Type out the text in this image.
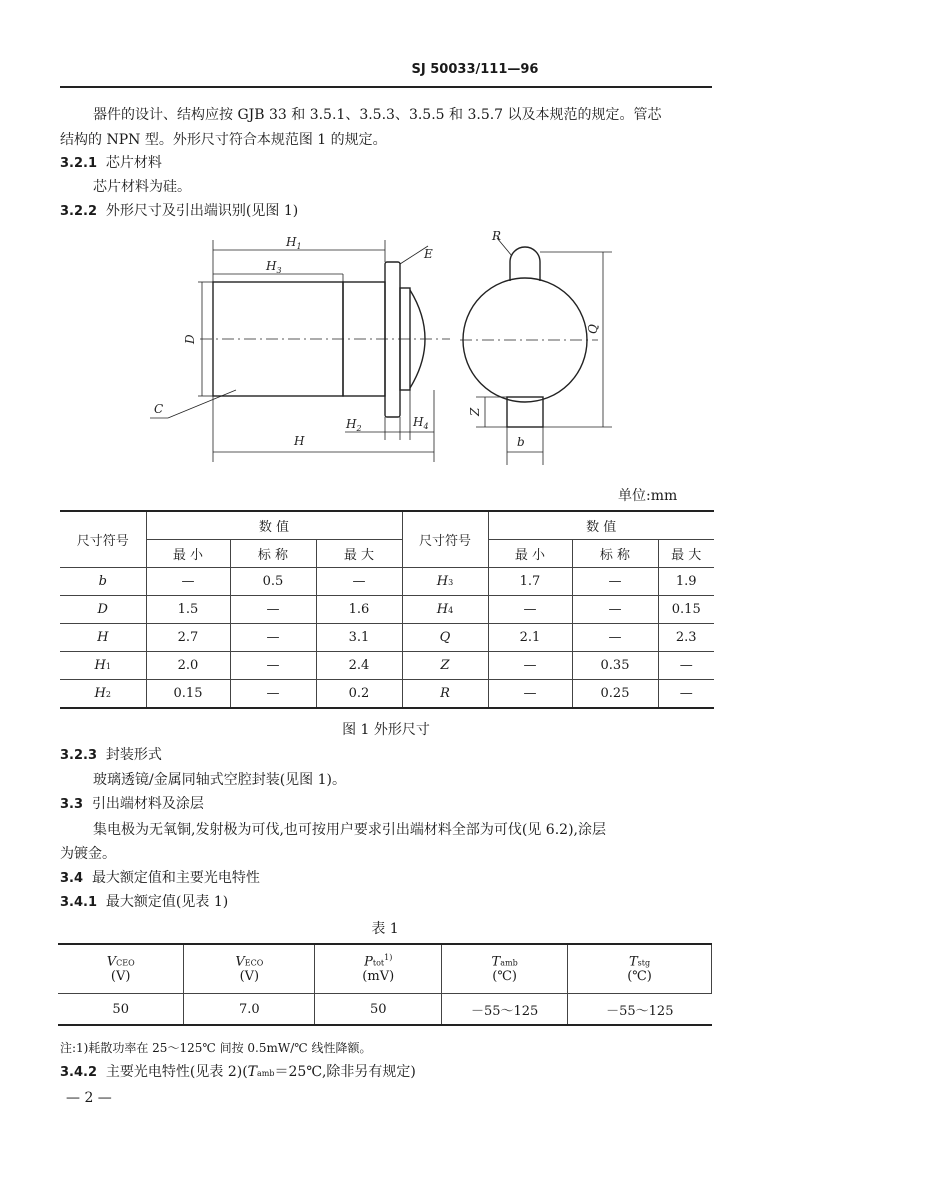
SJ 50033/111—96
器件的设计、结构应按 GJB 33 和 3.5.1、3.5.3、3.5.5 和 3.5.7 以及本规范的规定。管芯
结构的 NPN 型。外形尺寸符合本规范图 1 的规定。
3.2.1 芯片材料
芯片材料为硅。
3.2.2 外形尺寸及引出端识别(见图 1)
$H_1$
$H_3$
E
D
C
$H_2$	$H_4$
H
R
Q
Z
b
单位:mm
尺寸符号	数 值			尺寸符号	数 值		
	最 小	标 称	最 大		最 小	标 称	最 大
b	—	0.5	—	H3	1.7	—	1.9
D	1.5	—	1.6	H4	—	—	0.15
H	2.7	—	3.1	Q	2.1	—	2.3
H1	2.0	—	2.4	Z	—	0.35	—
H2	0.15	—	0.2	R	—	0.25	—
图 1 外形尺寸
3.2.3 封装形式
玻璃透镜/金属同轴式空腔封装(见图 1)。
3.3 引出端材料及涂层
集电极为无氧铜,发射极为可伐,也可按用户要求引出端材料全部为可伐(见 6.2),涂层
为镀金。
3.4 最大额定值和主要光电特性
3.4.1 最大额定值(见表 1)
表 1
VCEO	VECO	Ptot$^{1)}$	Tamb	Tstg
(V)	(V)	(mV)	(℃)	(℃)
50	7.0	50	－55～125	－55～125
注:1)耗散功率在 25～125℃ 间按 0.5mW/℃ 线性降额。
3.4.2 主要光电特性(见表 2)(Tamb＝25℃,除非另有规定)
— 2 —
